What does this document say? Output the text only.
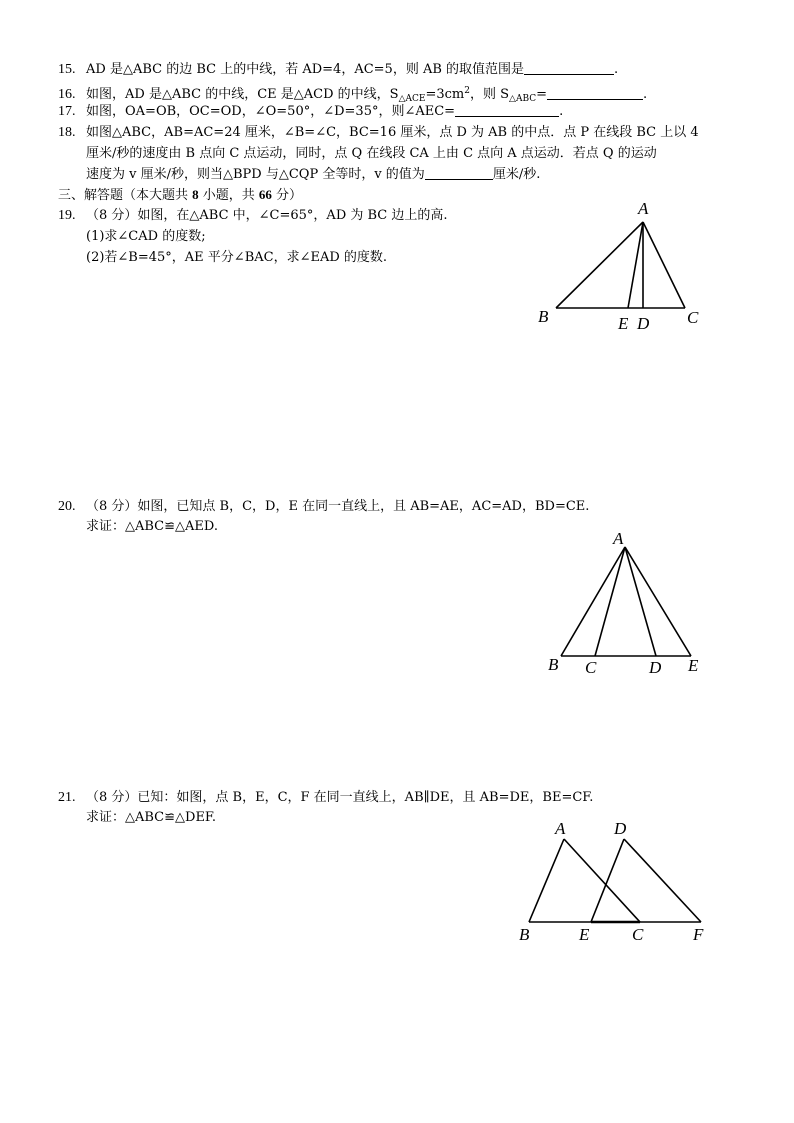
15. AD 是△ABC 的边 BC 上的中线，若 AD=4，AC=5，则 AB 的取值范围是	.
16. 如图，AD 是△ABC 的中线，CE 是△ACD 的中线，$S_{\triangle ACE}=3cm^2$，则 $S_{\triangle ABC}=$	.
17. 如图，OA=OB，OC=OD，∠O=50°，∠D=35°，则∠AEC=	.
18. 如图△ABC，AB=AC=24 厘米，∠B=∠C，BC=16 厘米，点 D 为 AB 的中点．点 P 在线段 BC 上以 4
厘米/秒的速度由 B 点向 C 点运动，同时，点 Q 在线段 CA 上由 C 点向 A 点运动．若点 Q 的运动
速度为 v 厘米/秒，则当△BPD 与△CQP 全等时，v 的值为	厘米/秒.
三、解答题（本大题共 8 小题，共 66 分）
19. （8 分）如图，在△ABC 中，∠C=65°，AD 为 BC 边上的高.
(1)求∠CAD 的度数;
(2)若∠B=45°，AE 平分∠BAC，求∠EAD 的度数.
A
B	E D C
20. （8 分）如图，已知点 B，C，D，E 在同一直线上，且 AB=AE，AC=AD，BD=CE.
求证：△ABC≌△AED.
A
B C	D E
21. （8 分）已知：如图，点 B，E，C，F 在同一直线上，AB∥DE，且 AB=DE，BE=CF.
求证：△ABC≌△DEF.
A	D
B	E	C	F
